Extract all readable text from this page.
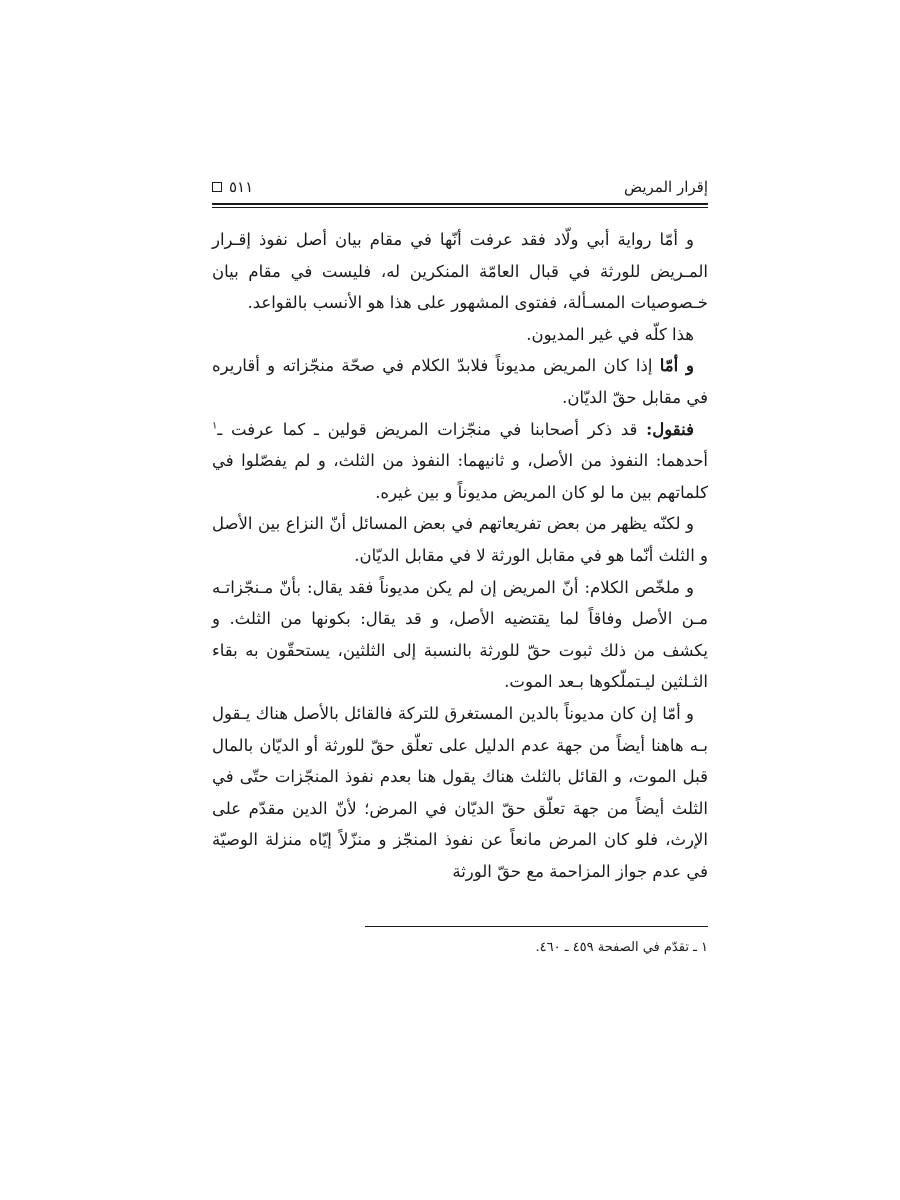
إقرار المريض
٥١١

و أمّا رواية أبي ولّاد فقد عرفت أنّها في مقام بيان أصل نفوذ إقـرار المـريض للورثة في قبال العامّة المنكرين له، فليست في مقام بيان خـصوصيات المسـألة، ففتوى المشهور على هذا هو الأنسب بالقواعد.

هذا كلّه في غير المديون.

و أمّا إذا كان المريض مديوناً فلابدّ الكلام في صحّة منجّزاته و أقاريره في مقابل حقّ الديّان.

فنقول: قد ذكر أصحابنا في منجّزات المريض قولين ـ كما عرفت ـ$^١$ أحدهما: النفوذ من الأصل، و ثانيهما: النفوذ من الثلث، و لم يفصّلوا في كلماتهم بين ما لو كان المريض مديوناً و بين غيره.

و لكنّه يظهر من بعض تفريعاتهم في بعض المسائل أنّ النزاع بين الأصل و الثلث أنّما هو في مقابل الورثة لا في مقابل الديّان.

و ملخّص الكلام: أنّ المريض إن لم يكن مديوناً فقد يقال: بأنّ مـنجّزاتـه مـن الأصل وفاقاً لما يقتضيه الأصل، و قد يقال: بكونها من الثلث. و يكشف من ذلك ثبوت حقّ للورثة بالنسبة إلى الثلثين، يستحقّون به بقاء الثـلثين ليـتملّكوها بـعد الموت.

و أمّا إن كان مديوناً بالدين المستغرق للتركة فالقائل بالأصل هناك يـقول بـه هاهنا أيضاً من جهة عدم الدليل على تعلّق حقّ للورثة أو الديّان بالمال قبل الموت، و القائل بالثلث هناك يقول هنا بعدم نفوذ المنجّزات حتّى في الثلث أيضاً من جهة تعلّق حقّ الديّان في المرض؛ لأنّ الدين مقدّم على الإرث، فلو كان المرض مانعاً عن نفوذ المنجّز و منزّلاً إيّاه منزلة الوصيّة في عدم جواز المزاحمة مع حقّ الورثة

١ ـ تقدّم في الصفحة ٤٥٩ ـ ٤٦٠.
